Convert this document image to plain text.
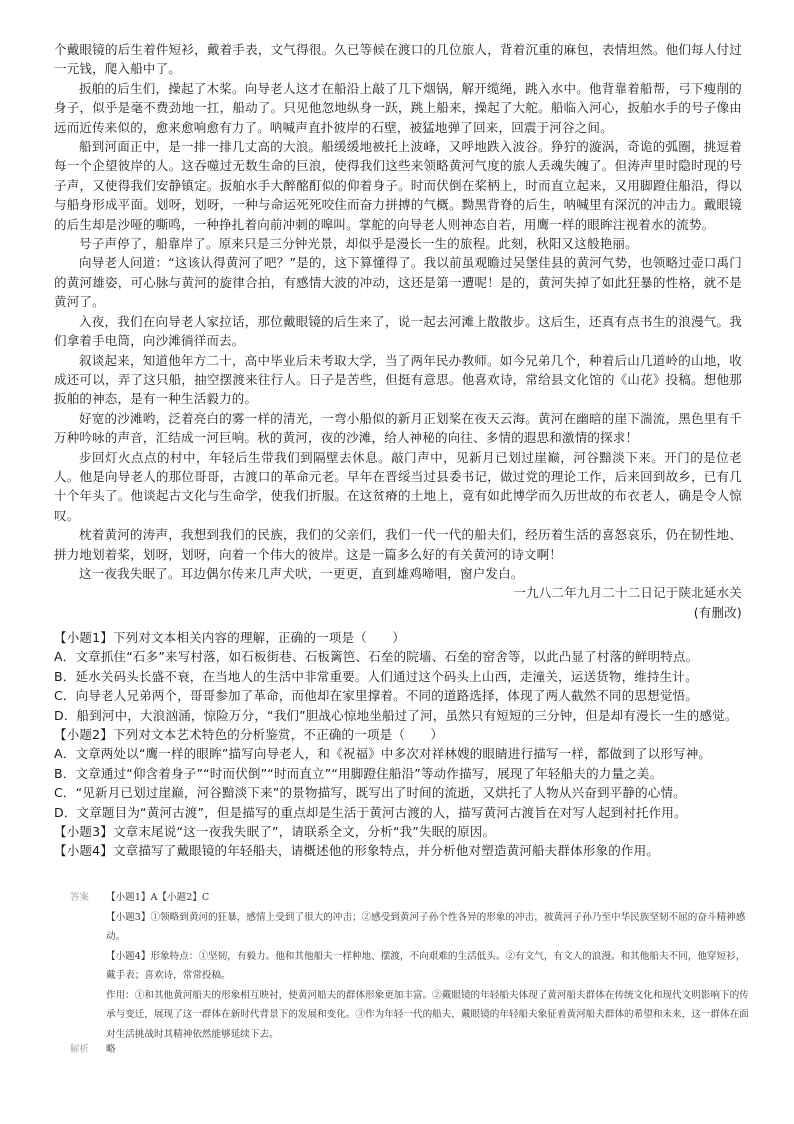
个戴眼镜的后生着件短衫，戴着手表，文气得很。久已等候在渡口的几位旅人，背着沉重的麻包，表情坦然。他们每人付过一元钱，爬入船中了。

扳舶的后生们，操起了木桨。向导老人这才在船沿上敲了几下烟锅，解开缆绳，跳入水中。他背靠着船帮，弓下瘦削的身子，似乎是毫不费劲地一扛，船动了。只见他忽地纵身一跃，跳上船来，操起了大舵。船临入河心，扳舶水手的号子像由远而近传来似的，愈来愈响愈有力了。呐喊声直扑彼岸的石壁，被猛地弹了回来，回震于河谷之间。

船到河面正中，是一排一排几丈高的大浪。船缓缓地被托上波峰，又呼地跌入波谷。狰狞的漩涡，奇诡的弧圈，挑逗着每一个企望彼岸的人。这吞噬过无数生命的巨浪，使得我们这些来领略黄河气度的旅人丢魂失魄了。但涛声里时隐时现的号子声，又使得我们安静镇定。扳舶水手大醉酩酊似的仰着身子。时而伏倒在桨柄上，时而直立起来，又用脚蹬住船沿，得以与船身形成平面。划呀，划呀，一种与命运死死咬住而奋力拼搏的气概。黝黑背脊的后生，呐喊里有深沉的冲击力。戴眼镜的后生却是沙哑的嘶鸣，一种挣扎着向前冲刺的嗥叫。掌舵的向导老人则神态自若，用鹰一样的眼眸注视着水的流势。

号子声停了，船靠岸了。原来只是三分钟光景，却似乎是漫长一生的旅程。此刻，秋阳又这般艳丽。

向导老人问道：“这该认得黄河了吧？”是的，这下算懂得了。我以前虽观瞻过吴堡佳县的黄河气势，也领略过壶口禹门的黄河雄姿，可心脉与黄河的旋律合拍，有感情大波的冲动，这还是第一遭呢！是的，黄河失掉了如此狂暴的性格，就不是黄河了。

入夜，我们在向导老人家拉话，那位戴眼镜的后生来了，说一起去河滩上散散步。这后生，还真有点书生的浪漫气。我们拿着手电筒，向沙滩徜徉而去。

叙谈起来，知道他年方二十，高中毕业后未考取大学，当了两年民办教师。如今兄弟几个，种着后山几道岭的山地，收成还可以，弄了这只船，抽空摆渡来往行人。日子是苦些，但挺有意思。他喜欢诗，常给县文化馆的《山花》投稿。想他那扳舶的神态，是有一种生活毅力的。

好宽的沙滩哟，泛着亮白的雾一样的清光，一弯小船似的新月正划桨在夜天云海。黄河在幽暗的崖下湍流，黑色里有千万种吟咏的声音，汇结成一河巨响。秋的黄河，夜的沙滩，给人神秘的向往、多情的遐思和激情的探求！

步回灯火点点的村中，年轻后生带我们到隔壁去休息。敲门声中，见新月已划过崖巅，河谷黯淡下来。开门的是位老人。他是向导老人的那位哥哥，古渡口的革命元老。早年在晋绥当过县委书记，做过党的理论工作，后来回到故乡，已有几十个年头了。他谈起古文化与生命学，使我们折服。在这贫瘠的土地上，竟有如此博学而久历世故的布衣老人，确是令人惊叹。

枕着黄河的涛声，我想到我们的民族，我们的父亲们，我们一代一代的船夫们，经历着生活的喜怒哀乐，仍在韧性地、拼力地划着桨，划呀，划呀，向着一个伟大的彼岸。这是一篇多么好的有关黄河的诗文啊！

这一夜我失眠了。耳边偶尔传来几声犬吠，一更更，直到雄鸡啼唱，窗户发白。

一九八二年九月二十二日记于陕北延水关

(有删改)

【小题1】下列对文本相关内容的理解，正确的一项是（　　）

A．文章抓住“石多”来写村落，如石板街巷、石板篱笆、石垒的院墙、石垒的窑舍等，以此凸显了村落的鲜明特点。

B．延水关码头长盛不衰，在当地人的生活中非常重要。人们通过这个码头上山西，走潼关，运送货物，维持生计。

C．向导老人兄弟两个，哥哥参加了革命，而他却在家里撑着。不同的道路选择，体现了两人截然不同的思想觉悟。

D．船到河中，大浪汹涌，惊险万分，“我们”胆战心惊地坐船过了河，虽然只有短短的三分钟，但是却有漫长一生的感觉。

【小题2】下列对文本艺术特色的分析鉴赏，不正确的一项是（　　）

A．文章两处以“鹰一样的眼眸”描写向导老人，和《祝福》中多次对祥林嫂的眼睛进行描写一样，都做到了以形写神。

B．文章通过“仰含着身子”“时而伏倒”“时而直立”“用脚蹬住船沿”等动作描写，展现了年轻船夫的力量之美。

C．“见新月已划过崖巅，河谷黯淡下来”的景物描写，既写出了时间的流逝，又烘托了人物从兴奋到平静的心情。

D．文章题目为“黄河古渡”，但是描写的重点却是生活于黄河古渡的人，描写黄河古渡旨在对写人起到衬托作用。

【小题3】文章末尾说“这一夜我失眠了”，请联系全文，分析“我”失眠的原因。

【小题4】文章描写了戴眼镜的年轻船夫，请概述他的形象特点，并分析他对塑造黄河船夫群体形象的作用。

答案	【小题1】A【小题2】C

【小题3】①领略到黄河的狂暴，感情上受到了很大的冲击；②感受到黄河子孙个性各异的形象的冲击，被黄河子孙乃至中华民族坚韧不屈的奋斗精神感动。

【小题4】形象特点：①坚韧，有毅力。他和其他船夫一样种地、摆渡，不向艰难的生活低头。②有文气，有文人的浪漫。和其他船夫不同，他穿短衫，戴手表；喜欢诗，常常投稿。

作用：①和其他黄河船夫的形象相互映衬，使黄河船夫的群体形象更加丰富。②戴眼镜的年轻船夫体现了黄河船夫群体在传统文化和现代文明影响下的传承与变迁，展现了这一群体在新时代背景下的发展和变化。③作为年轻一代的船夫，戴眼镜的年轻船夫象征着黄河船夫群体的希望和未来，这一群体在面对生活挑战时其精神依然能够延续下去。

解析	略
